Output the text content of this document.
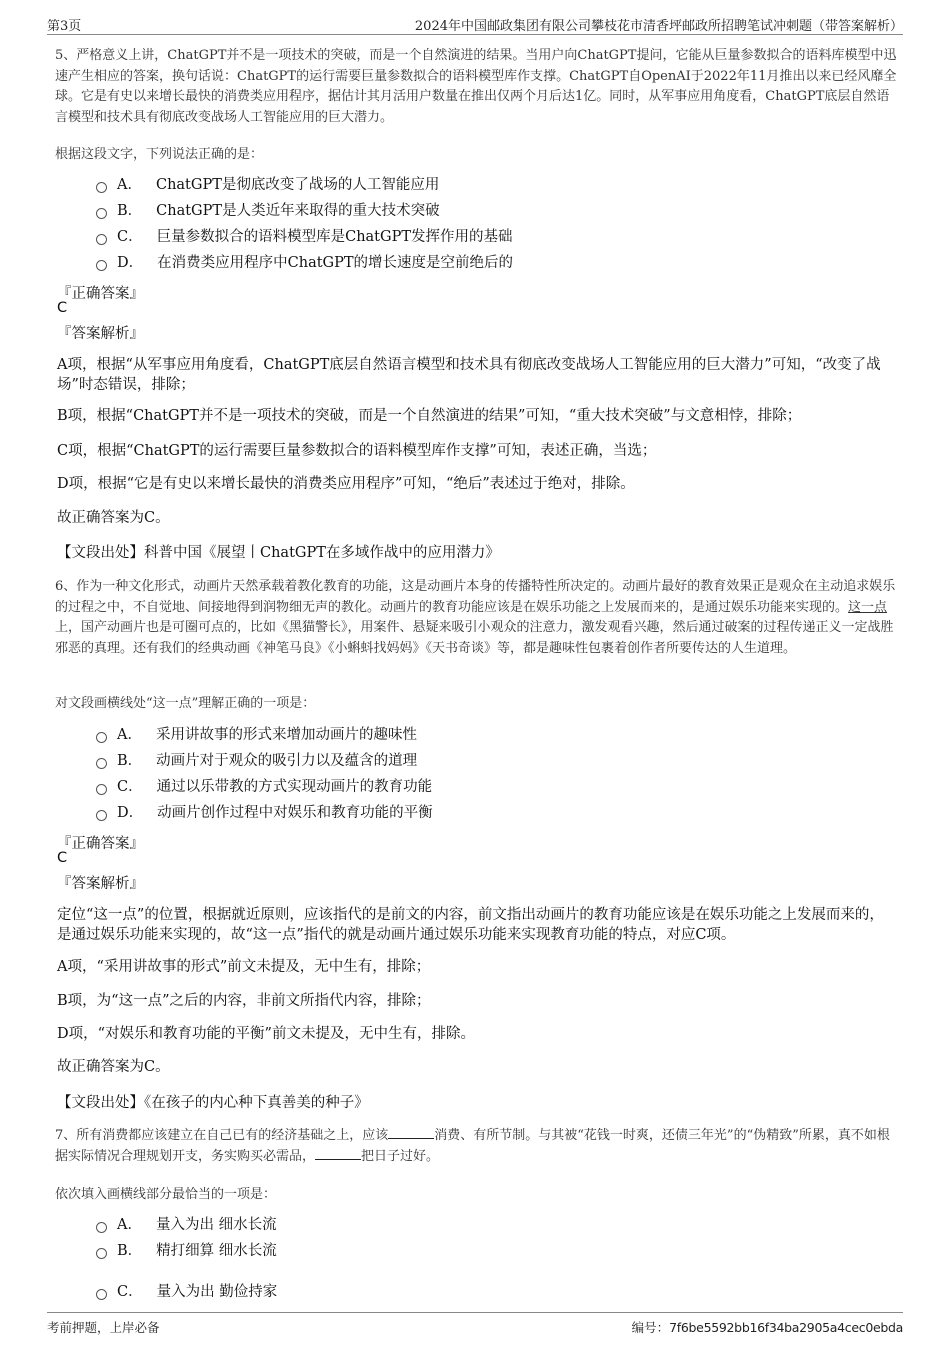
第3页	2024年中国邮政集团有限公司攀枝花市清香坪邮政所招聘笔试冲刺题（带答案解析）
5、严格意义上讲，ChatGPT并不是一项技术的突破，而是一个自然演进的结果。当用户向ChatGPT提问，它能从巨量参数拟合的语料库模型中迅速产生相应的答案，换句话说：ChatGPT的运行需要巨量参数拟合的语料模型库作支撑。ChatGPT自OpenAI于2022年11月推出以来已经风靡全球。它是有史以来增长最快的消费类应用程序，据估计其月活用户数量在推出仅两个月后达1亿。同时，从军事应用角度看，ChatGPT底层自然语言模型和技术具有彻底改变战场人工智能应用的巨大潜力。
根据这段文字，下列说法正确的是：
A． ChatGPT是彻底改变了战场的人工智能应用
B． ChatGPT是人类近年来取得的重大技术突破
C． 巨量参数拟合的语料模型库是ChatGPT发挥作用的基础
D． 在消费类应用程序中ChatGPT的增长速度是空前绝后的
『正确答案』
C
『答案解析』
A项，根据“从军事应用角度看，ChatGPT底层自然语言模型和技术具有彻底改变战场人工智能应用的巨大潜力”可知，“改变了战场”时态错误，排除；
B项，根据“ChatGPT并不是一项技术的突破，而是一个自然演进的结果”可知，“重大技术突破”与文意相悖，排除；
C项，根据“ChatGPT的运行需要巨量参数拟合的语料模型库作支撑”可知，表述正确，当选；
D项，根据“它是有史以来增长最快的消费类应用程序”可知，“绝后”表述过于绝对，排除。
故正确答案为C。
【文段出处】科普中国《展望丨ChatGPT在多域作战中的应用潜力》
6、作为一种文化形式，动画片天然承载着教化教育的功能，这是动画片本身的传播特性所决定的。动画片最好的教育效果正是观众在主动追求娱乐的过程之中，不自觉地、间接地得到润物细无声的教化。动画片的教育功能应该是在娱乐功能之上发展而来的，是通过娱乐功能来实现的。这一点上，国产动画片也是可圈可点的，比如《黑猫警长》，用案件、悬疑来吸引小观众的注意力，激发观看兴趣，然后通过破案的过程传递正义一定战胜邪恶的真理。还有我们的经典动画《神笔马良》《小蝌蚪找妈妈》《天书奇谈》等，都是趣味性包裹着创作者所要传达的人生道理。
对文段画横线处“这一点”理解正确的一项是：
A． 采用讲故事的形式来增加动画片的趣味性
B． 动画片对于观众的吸引力以及蕴含的道理
C． 通过以乐带教的方式实现动画片的教育功能
D． 动画片创作过程中对娱乐和教育功能的平衡
『正确答案』
C
『答案解析』
定位“这一点”的位置，根据就近原则，应该指代的是前文的内容，前文指出动画片的教育功能应该是在娱乐功能之上发展而来的，是通过娱乐功能来实现的，故“这一点”指代的就是动画片通过娱乐功能来实现教育功能的特点，对应C项。
A项，“采用讲故事的形式”前文未提及，无中生有，排除；
B项，为“这一点”之后的内容，非前文所指代内容，排除；
D项，“对娱乐和教育功能的平衡”前文未提及，无中生有，排除。
故正确答案为C。
【文段出处】《在孩子的内心种下真善美的种子》
7、所有消费都应该建立在自己已有的经济基础之上，应该	消费、有所节制。与其被“花钱一时爽，还债三年光”的“伪精致”所累，真不如根据实际情况合理规划开支，务实购买必需品，	把日子过好。
依次填入画横线部分最恰当的一项是：
A． 量入为出 细水长流
B． 精打细算 细水长流
C． 量入为出 勤俭持家
考前押题，上岸必备	编号：7f6be5592bb16f34ba2905a4cec0ebda
